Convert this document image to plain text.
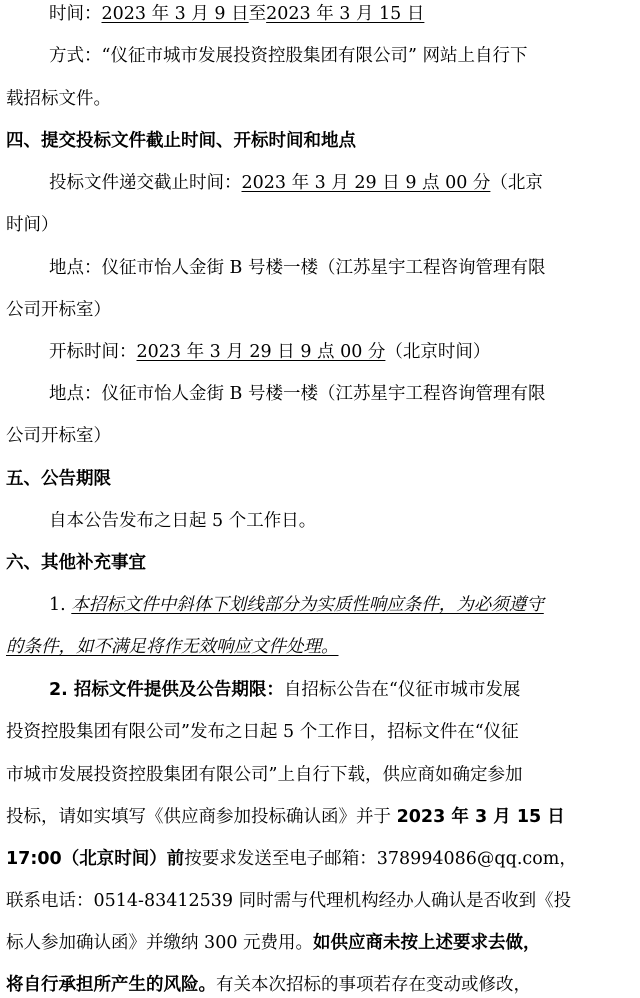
时间：2023 年 3 月 9 日至2023 年 3 月 15 日
方式：“仪征市城市发展投资控股集团有限公司” 网站上自行下
载招标文件。
四、提交投标文件截止时间、开标时间和地点
投标文件递交截止时间：2023 年 3 月 29 日 9 点 00 分（北京
时间）
地点：仪征市怡人金街 B 号楼一楼（江苏星宇工程咨询管理有限
公司开标室）
开标时间：2023 年 3 月 29 日 9 点 00 分（北京时间）
地点：仪征市怡人金街 B 号楼一楼（江苏星宇工程咨询管理有限
公司开标室）
五、公告期限
自本公告发布之日起 5 个工作日。
六、其他补充事宜
1. 本招标文件中斜体下划线部分为实质性响应条件，为必须遵守
的条件，如不满足将作无效响应文件处理。
2. 招标文件提供及公告期限：自招标公告在“仪征市城市发展
投资控股集团有限公司”发布之日起 5 个工作日，招标文件在“仪征
市城市发展投资控股集团有限公司”上自行下载，供应商如确定参加
投标，请如实填写《供应商参加投标确认函》并于 2023 年 3 月 15 日
17:00（北京时间）前按要求发送至电子邮箱：378994086@qq.com，
联系电话：0514-83412539 同时需与代理机构经办人确认是否收到《投
标人参加确认函》并缴纳 300 元费用。如供应商未按上述要求去做，
将自行承担所产生的风险。有关本次招标的事项若存在变动或修改，
